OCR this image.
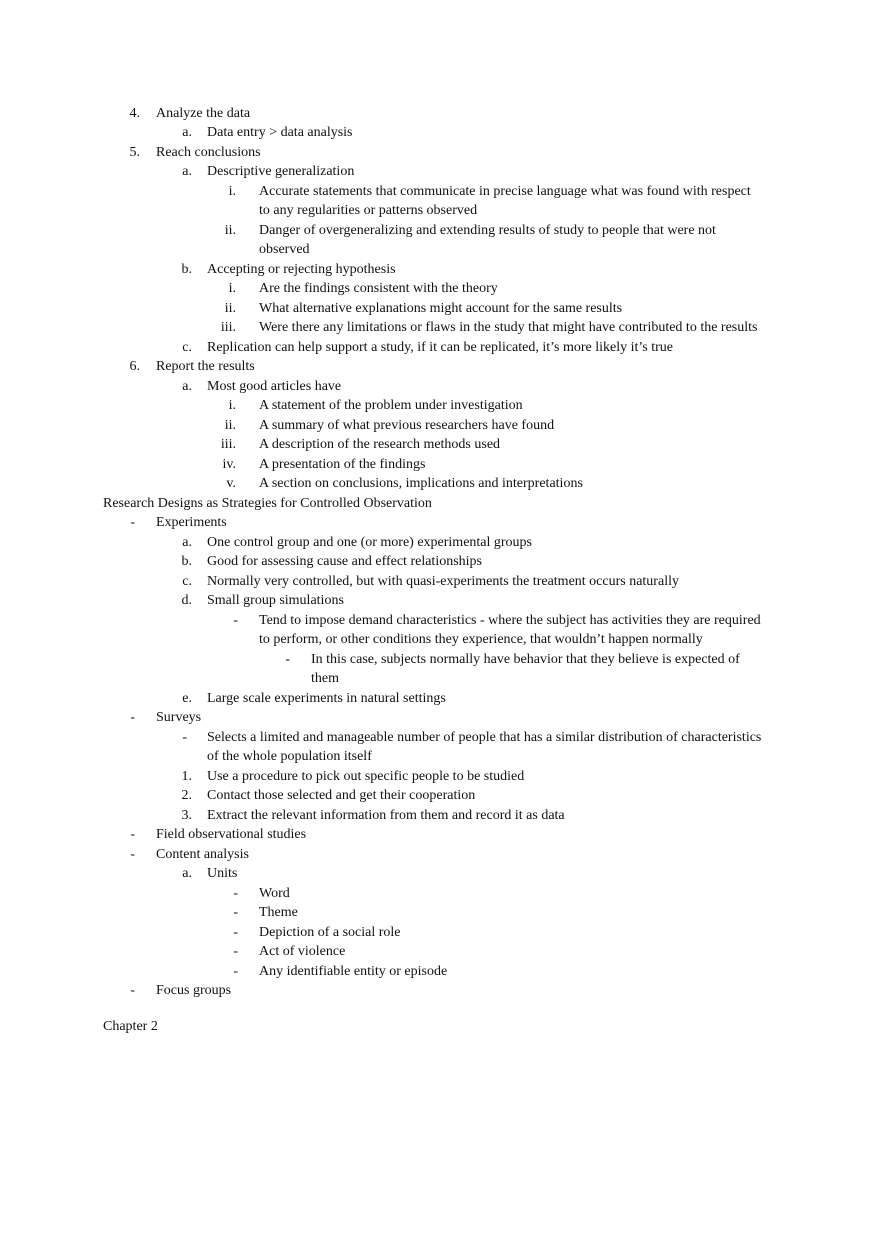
4. Analyze the data
a. Data entry > data analysis
5. Reach conclusions
a. Descriptive generalization
i. Accurate statements that communicate in precise language what was found with respect
to any regularities or patterns observed
ii. Danger of overgeneralizing and extending results of study to people that were not
observed
b. Accepting or rejecting hypothesis
i. Are the findings consistent with the theory
ii. What alternative explanations might account for the same results
iii. Were there any limitations or flaws in the study that might have contributed to the results
c. Replication can help support a study, if it can be replicated, it’s more likely it’s true
6. Report the results
a. Most good articles have
i. A statement of the problem under investigation
ii. A summary of what previous researchers have found
iii. A description of the research methods used
iv. A presentation of the findings
v. A section on conclusions, implications and interpretations
Research Designs as Strategies for Controlled Observation
- Experiments
a. One control group and one (or more) experimental groups
b. Good for assessing cause and effect relationships
c. Normally very controlled, but with quasi-experiments the treatment occurs naturally
d. Small group simulations
- Tend to impose demand characteristics - where the subject has activities they are required
to perform, or other conditions they experience, that wouldn’t happen normally
- In this case, subjects normally have behavior that they believe is expected of
them
e. Large scale experiments in natural settings
- Surveys
- Selects a limited and manageable number of people that has a similar distribution of characteristics
of the whole population itself
1. Use a procedure to pick out specific people to be studied
2. Contact those selected and get their cooperation
3. Extract the relevant information from them and record it as data
- Field observational studies
- Content analysis
a. Units
- Word
- Theme
- Depiction of a social role
- Act of violence
- Any identifiable entity or episode
- Focus groups
Chapter 2
